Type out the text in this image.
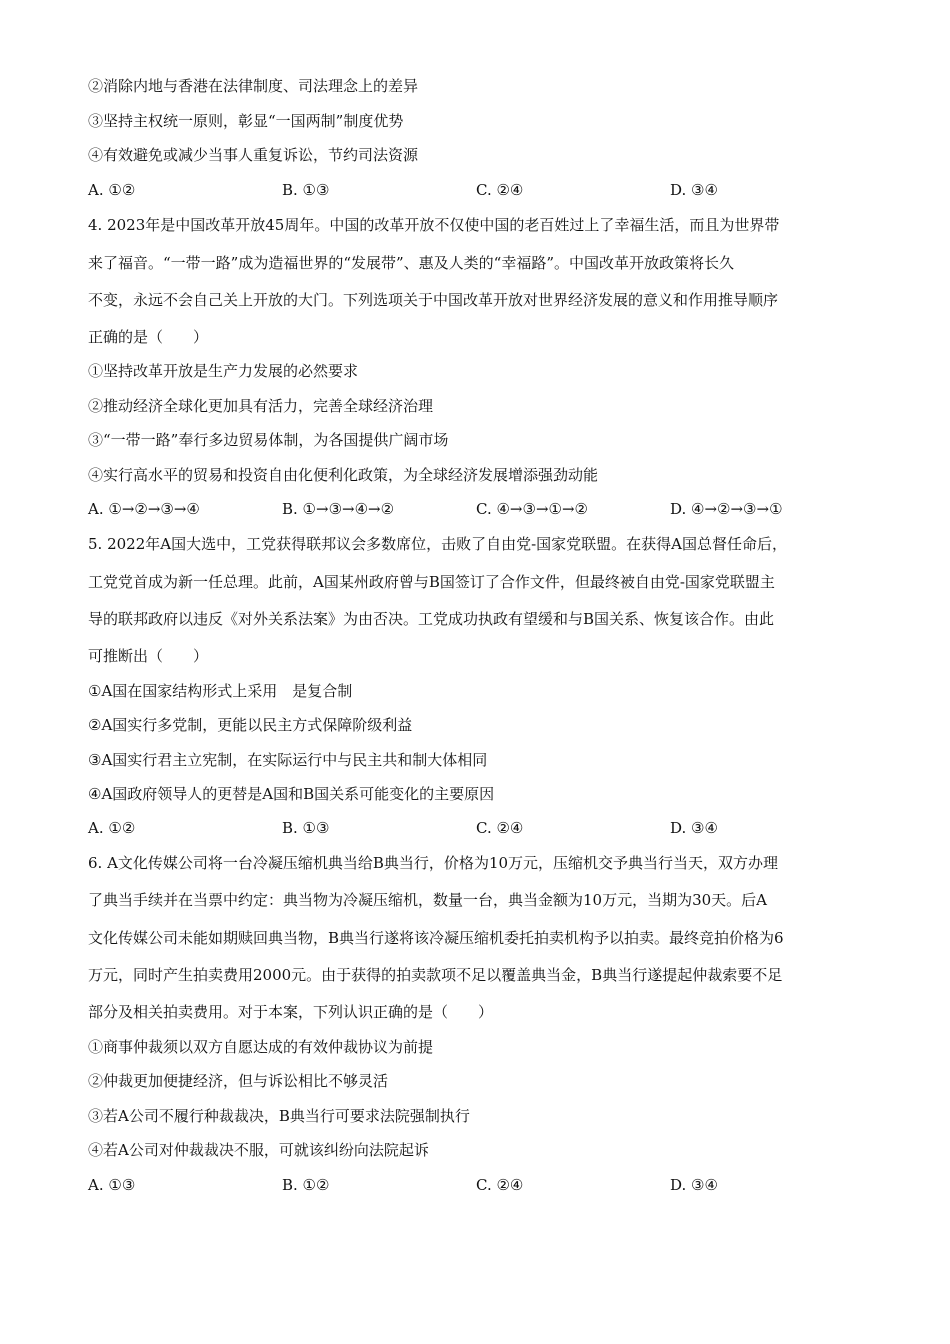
②消除内地与香港在法律制度、司法理念上的差异
③坚持主权统一原则，彰显“一国两制”制度优势
④有效避免或减少当事人重复诉讼，节约司法资源
A. ①②	B. ①③	C. ②④	D. ③④
4. 2023年是中国改革开放45周年。中国的改革开放不仅使中国的老百姓过上了幸福生活，而且为世界带
来了福音。“一带一路”成为造福世界的“发展带”、惠及人类的“幸福路”。中国改革开放政策将长久
不变，永远不会自己关上开放的大门。下列选项关于中国改革开放对世界经济发展的意义和作用推导顺序
正确的是（　　）
①坚持改革开放是生产力发展的必然要求
②推动经济全球化更加具有活力，完善全球经济治理
③“一带一路”奉行多边贸易体制，为各国提供广阔市场
④实行高水平的贸易和投资自由化便利化政策，为全球经济发展增添强劲动能
A. ①→②→③→④	B. ①→③→④→②	C. ④→③→①→②	D. ④→②→③→①
5. 2022年A国大选中，工党获得联邦议会多数席位，击败了自由党-国家党联盟。在获得A国总督任命后，
工党党首成为新一任总理。此前，A国某州政府曾与B国签订了合作文件，但最终被自由党-国家党联盟主
导的联邦政府以违反《对外关系法案》为由否决。工党成功执政有望缓和与B国关系、恢复该合作。由此
可推断出（　　）
①A国在国家结构形式上采用　是复合制
②A国实行多党制，更能以民主方式保障阶级利益
③A国实行君主立宪制，在实际运行中与民主共和制大体相同
④A国政府领导人的更替是A国和B国关系可能变化的主要原因
A. ①②	B. ①③	C. ②④	D. ③④
6. A文化传媒公司将一台冷凝压缩机典当给B典当行，价格为10万元，压缩机交予典当行当天，双方办理
了典当手续并在当票中约定：典当物为冷凝压缩机，数量一台，典当金额为10万元，当期为30天。后A
文化传媒公司未能如期赎回典当物，B典当行遂将该冷凝压缩机委托拍卖机构予以拍卖。最终竞拍价格为6
万元，同时产生拍卖费用2000元。由于获得的拍卖款项不足以覆盖典当金，B典当行遂提起仲裁索要不足
部分及相关拍卖费用。对于本案，下列认识正确的是（　　）
①商事仲裁须以双方自愿达成的有效仲裁协议为前提
②仲裁更加便捷经济，但与诉讼相比不够灵活
③若A公司不履行种裁裁决，B典当行可要求法院强制执行
④若A公司对仲裁裁决不服，可就该纠纷向法院起诉
A. ①③	B. ①②	C. ②④	D. ③④
